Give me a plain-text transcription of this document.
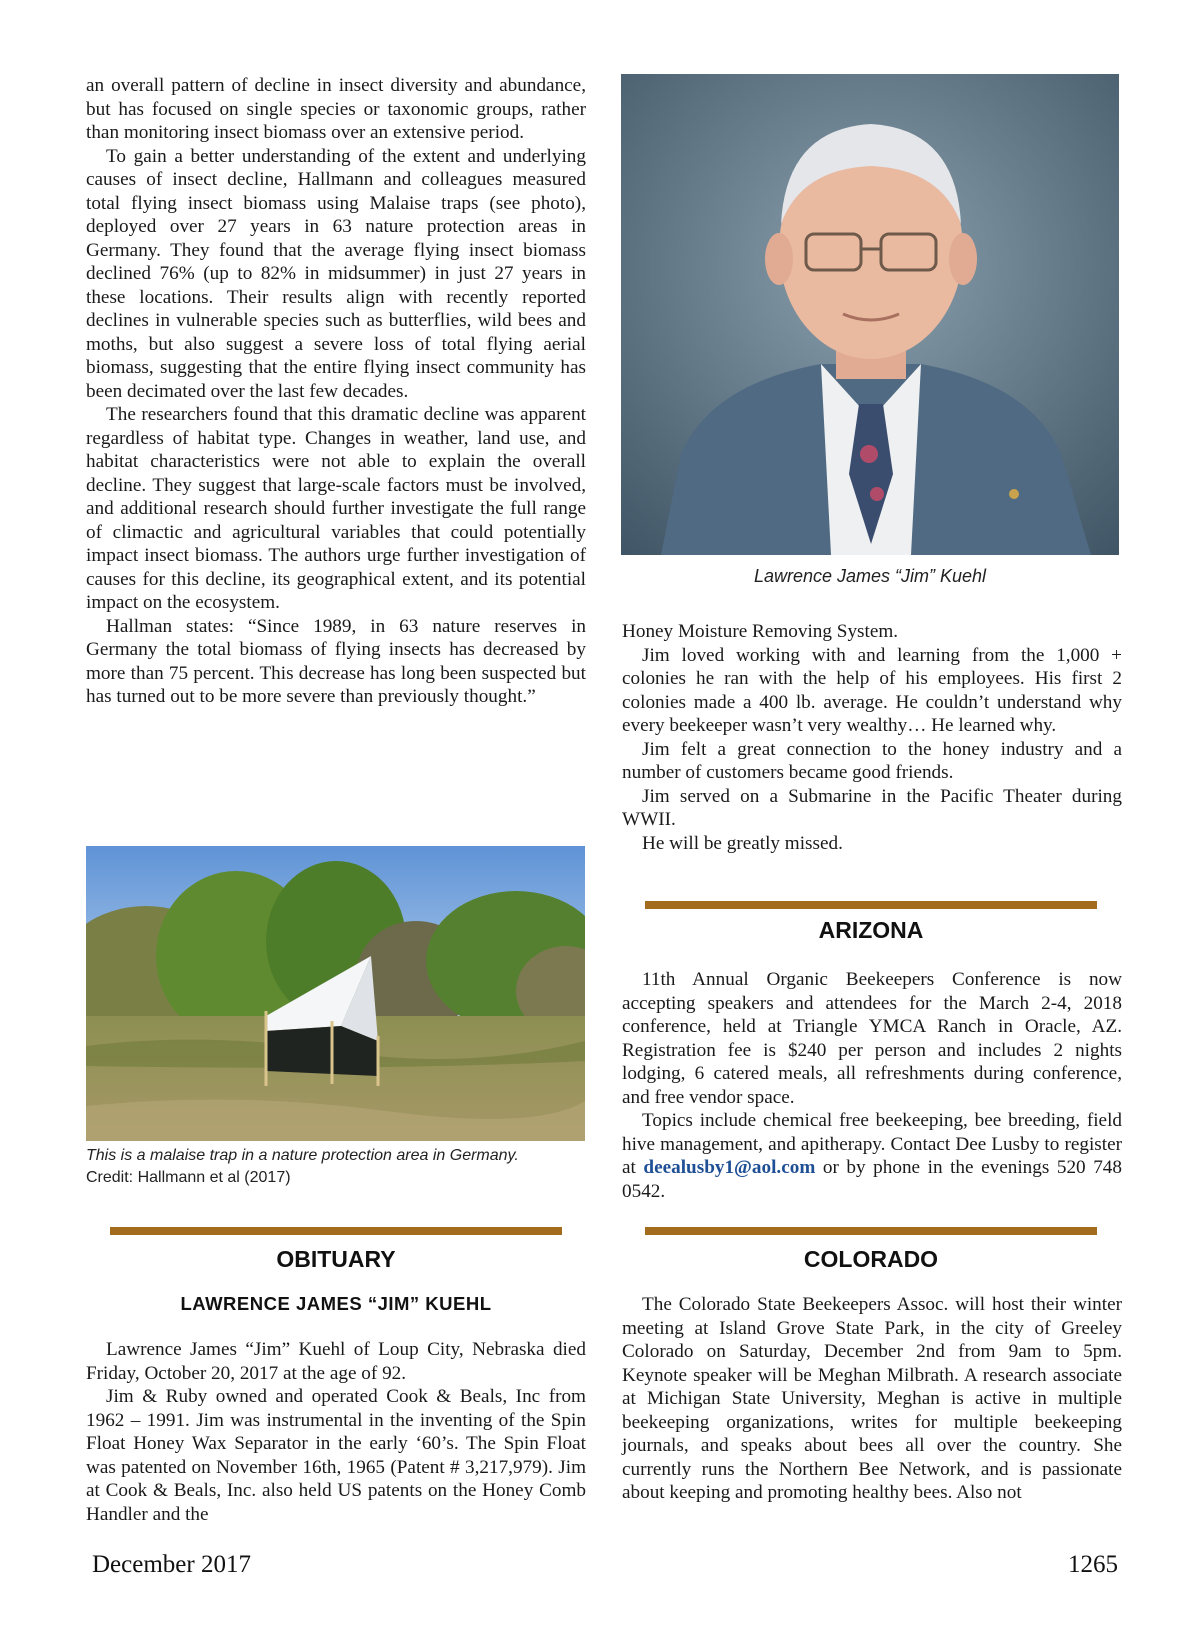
an overall pattern of decline in insect diversity and abundance, but has focused on single species or taxonomic groups, rather than monitoring insect biomass over an extensive period.

To gain a better understanding of the extent and underlying causes of insect decline, Hallmann and colleagues measured total flying insect biomass using Malaise traps (see photo), deployed over 27 years in 63 nature protection areas in Germany. They found that the average flying insect biomass declined 76% (up to 82% in midsummer) in just 27 years in these locations. Their results align with recently reported declines in vulnerable species such as butterflies, wild bees and moths, but also suggest a severe loss of total flying aerial biomass, suggesting that the entire flying insect community has been decimated over the last few decades.

The researchers found that this dramatic decline was apparent regardless of habitat type. Changes in weather, land use, and habitat characteristics were not able to explain the overall decline. They suggest that large-scale factors must be involved, and additional research should further investigate the full range of climactic and agricultural variables that could potentially impact insect biomass. The authors urge further investigation of causes for this decline, its geographical extent, and its potential impact on the ecosystem.

Hallman states: “Since 1989, in 63 nature reserves in Germany the total biomass of flying insects has decreased by more than 75 percent. This decrease has long been suspected but has turned out to be more severe than previously thought.”

This is a malaise trap in a nature protection area in Germany.
Credit: Hallmann et al (2017)
Lawrence James “Jim” Kuehl

Honey Moisture Removing System.

Jim loved working with and learning from the 1,000 + colonies he ran with the help of his employees. His first 2 colonies made a 400 lb. average. He couldn’t understand why every beekeeper wasn’t very wealthy… He learned why.

Jim felt a great connection to the honey industry and a number of customers became good friends.

Jim served on a Submarine in the Pacific Theater during WWII.

He will be greatly missed.

ARIZONA

11th Annual Organic Beekeepers Conference is now accepting speakers and attendees for the March 2-4, 2018 conference, held at Triangle YMCA Ranch in Oracle, AZ. Registration fee is $240 per person and includes 2 nights lodging, 6 catered meals, all refreshments during conference, and free vendor space.

Topics include chemical free beekeeping, bee breeding, field hive management, and apitherapy. Contact Dee Lusby to register at deealusby1@aol.com or by phone in the evenings 520 748 0542.

OBITUARY
LAWRENCE JAMES “JIM” KUEHL

Lawrence James “Jim” Kuehl of Loup City, Nebraska died Friday, October 20, 2017 at the age of 92.

Jim & Ruby owned and operated Cook & Beals, Inc from 1962 – 1991. Jim was instrumental in the inventing of the Spin Float Honey Wax Separator in the early ‘60’s. The Spin Float was patented on November 16th, 1965 (Patent # 3,217,979). Jim at Cook & Beals, Inc. also held US patents on the Honey Comb Handler and the

COLORADO

The Colorado State Beekeepers Assoc. will host their winter meeting at Island Grove State Park, in the city of Greeley Colorado on Saturday, December 2nd from 9am to 5pm. Keynote speaker will be Meghan Milbrath. A research associate at Michigan State University, Meghan is active in multiple beekeeping organizations, writes for multiple beekeeping journals, and speaks about bees all over the country. She currently runs the Northern Bee Network, and is passionate about keeping and promoting healthy bees. Also not

December 2017	1265
